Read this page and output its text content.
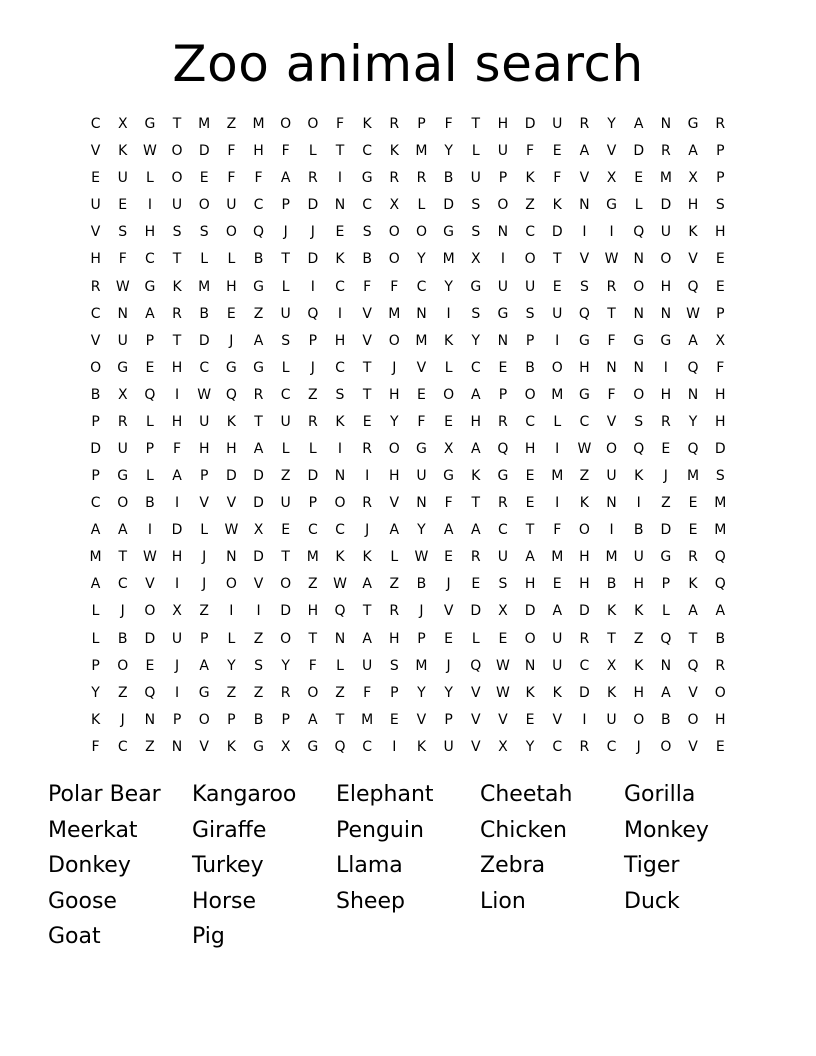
Zoo animal search
C	X	G	T	M	Z	M	O	O	F	K	R	P	F	T	H	D	U	R	Y	A	N	G	R
V	K	W	O	D	F	H	F	L	T	C	K	M	Y	L	U	F	E	A	V	D	R	A	P
E	U	L	O	E	F	F	A	R	I	G	R	R	B	U	P	K	F	V	X	E	M	X	P
U	E	I	U	O	U	C	P	D	N	C	X	L	D	S	O	Z	K	N	G	L	D	H	S
V	S	H	S	S	O	Q	J	J	E	S	O	O	G	S	N	C	D	I	I	Q	U	K	H
H	F	C	T	L	L	B	T	D	K	B	O	Y	M	X	I	O	T	V	W	N	O	V	E
R	W	G	K	M	H	G	L	I	C	F	F	C	Y	G	U	U	E	S	R	O	H	Q	E
C	N	A	R	B	E	Z	U	Q	I	V	M	N	I	S	G	S	U	Q	T	N	N	W	P
V	U	P	T	D	J	A	S	P	H	V	O	M	K	Y	N	P	I	G	F	G	G	A	X
O	G	E	H	C	G	G	L	J	C	T	J	V	L	C	E	B	O	H	N	N	I	Q	F
B	X	Q	I	W	Q	R	C	Z	S	T	H	E	O	A	P	O	M	G	F	O	H	N	H
P	R	L	H	U	K	T	U	R	K	E	Y	F	E	H	R	C	L	C	V	S	R	Y	H
D	U	P	F	H	H	A	L	L	I	R	O	G	X	A	Q	H	I	W	O	Q	E	Q	D
P	G	L	A	P	D	D	Z	D	N	I	H	U	G	K	G	E	M	Z	U	K	J	M	S
C	O	B	I	V	V	D	U	P	O	R	V	N	F	T	R	E	I	K	N	I	Z	E	M
A	A	I	D	L	W	X	E	C	C	J	A	Y	A	A	C	T	F	O	I	B	D	E	M
M	T	W	H	J	N	D	T	M	K	K	L	W	E	R	U	A	M	H	M	U	G	R	Q
A	C	V	I	J	O	V	O	Z	W	A	Z	B	J	E	S	H	E	H	B	H	P	K	Q
L	J	O	X	Z	I	I	D	H	Q	T	R	J	V	D	X	D	A	D	K	K	L	A	A
L	B	D	U	P	L	Z	O	T	N	A	H	P	E	L	E	O	U	R	T	Z	Q	T	B
P	O	E	J	A	Y	S	Y	F	L	U	S	M	J	Q	W	N	U	C	X	K	N	Q	R
Y	Z	Q	I	G	Z	Z	R	O	Z	F	P	Y	Y	V	W	K	K	D	K	H	A	V	O
K	J	N	P	O	P	B	P	A	T	M	E	V	P	V	V	E	V	I	U	O	B	O	H
F	C	Z	N	V	K	G	X	G	Q	C	I	K	U	V	X	Y	C	R	C	J	O	V	E
Polar Bear	Kangaroo	Elephant	Cheetah	Gorilla
Meerkat	Giraffe	Penguin	Chicken	Monkey
Donkey	Turkey	Llama	Zebra	Tiger
Goose	Horse	Sheep	Lion	Duck
Goat	Pig
